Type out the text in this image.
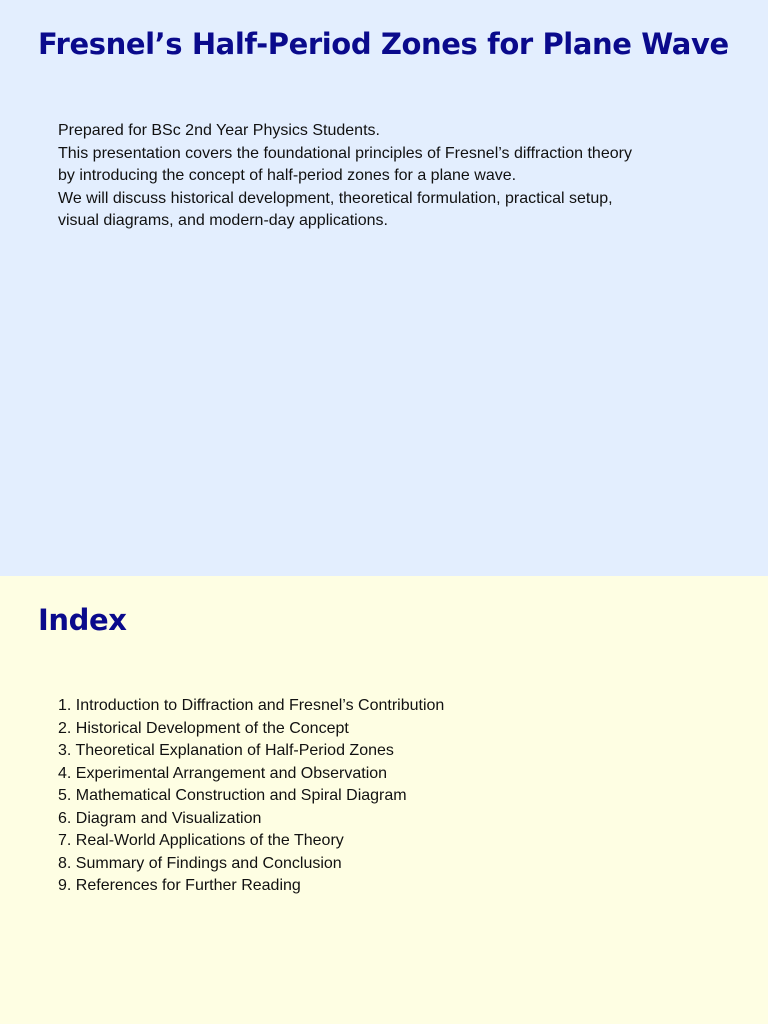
Fresnel’s Half-Period Zones for Plane Wave

Prepared for BSc 2nd Year Physics Students.

This presentation covers the foundational principles of Fresnel’s diffraction theory

by introducing the concept of half-period zones for a plane wave.

We will discuss historical development, theoretical formulation, practical setup,

visual diagrams, and modern-day applications.

Index
1. Introduction to Diffraction and Fresnel’s Contribution
2. Historical Development of the Concept
3. Theoretical Explanation of Half-Period Zones
4. Experimental Arrangement and Observation
5. Mathematical Construction and Spiral Diagram
6. Diagram and Visualization
7. Real-World Applications of the Theory
8. Summary of Findings and Conclusion
9. References for Further Reading
